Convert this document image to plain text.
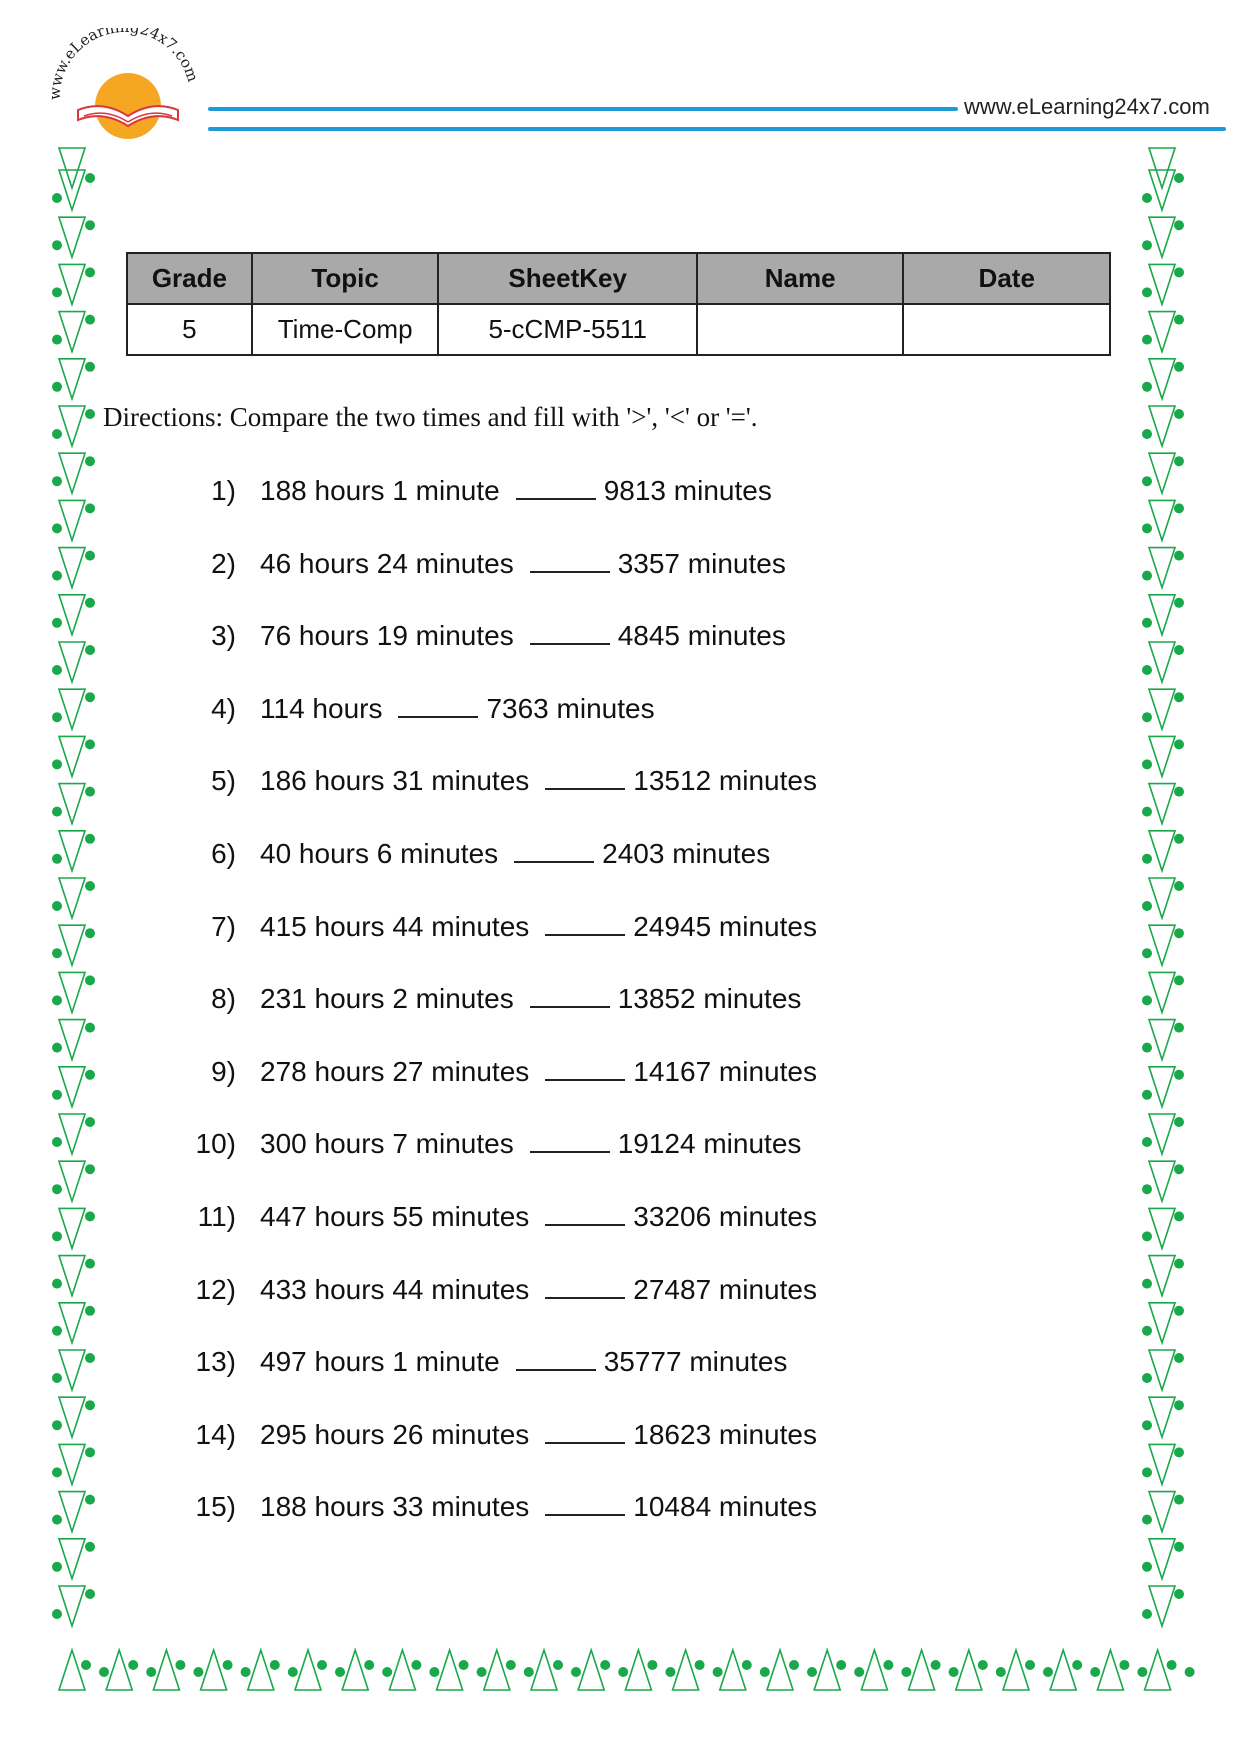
ww.eLearn 24x7.co
www.eLearning24x7.com
Grade	Topic	SheetKey	Name	Date
5	Time-Comp	5-cCMP-5511		
Directions: Compare the two times and fill with '>', '<' or '='.
1) 188 hours 1 minute	9813 minutes
2) 46 hours 24 minutes	3357 minutes
3) 76 hours 19 minutes	4845 minutes
4) 114 hours	7363 minutes
5) 186 hours 31 minutes	13512 minutes
6) 40 hours 6 minutes	2403 minutes
7) 415 hours 44 minutes	24945 minutes
8) 231 hours 2 minutes	13852 minutes
9) 278 hours 27 minutes	14167 minutes
10) 300 hours 7 minutes	19124 minutes
11) 447 hours 55 minutes	33206 minutes
12) 433 hours 44 minutes	27487 minutes
13) 497 hours 1 minute	35777 minutes
14) 295 hours 26 minutes	18623 minutes
15) 188 hours 33 minutes	10484 minutes
